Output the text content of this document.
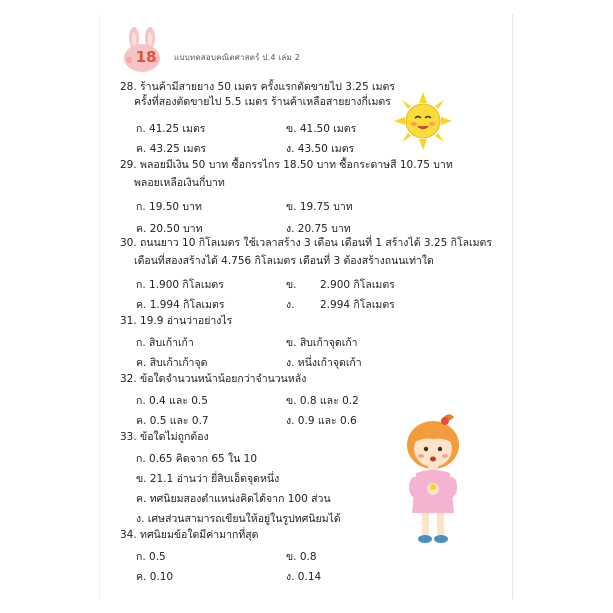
18	แบบทดสอบคณิตศาสตร์ ป.4 เล่ม 2
28. ร้านค้ามีสายยาง 50 เมตร ครั้งแรกตัดขายไป 3.25 เมตร
ครั้งที่สองตัดขายไป 5.5 เมตร ร้านค้าเหลือสายยางกี่เมตร
ก. 41.25 เมตร	ข. 41.50 เมตร
ค. 43.25 เมตร	ง. 43.50 เมตร
29. พลอยมีเงิน 50 บาท ซื้อกรรไกร 18.50 บาท ซื้อกระดาษสี 10.75 บาท
พลอยเหลือเงินกี่บาท
ก. 19.50 บาท	ข. 19.75 บาท
ค. 20.50 บาท	ง. 20.75 บาท
30. ถนนยาว 10 กิโลเมตร ใช้เวลาสร้าง 3 เดือน เดือนที่ 1 สร้างได้ 3.25 กิโลเมตร
เดือนที่สองสร้างได้ 4.756 กิโลเมตร เดือนที่ 3 ต้องสร้างถนนเท่าใด
ก. 1.900 กิโลเมตร	ข. 2.900 กิโลเมตร
ค. 1.994 กิโลเมตร	ง. 2.994 กิโลเมตร
31. 19.9 อ่านว่าอย่างไร
ก. สิบเก้าเก้า	ข. สิบเก้าจุดเก้า
ค. สิบเก้าเก้าจุด	ง. หนึ่งเก้าจุดเก้า
32. ข้อใดจำนวนหน้าน้อยกว่าจำนวนหลัง
ก. 0.4 และ 0.5	ข. 0.8 และ 0.2
ค. 0.5 และ 0.7	ง. 0.9 และ 0.6
33. ข้อใดไม่ถูกต้อง
ก. 0.65 คิดจาก 65 ใน 10
ข. 21.1 อ่านว่า ยี่สิบเอ็ดจุดหนึ่ง
ค. ทศนิยมสองตำแหน่งคิดได้จาก 100 ส่วน
ง. เศษส่วนสามารถเขียนให้อยู่ในรูปทศนิยมได้
34. ทศนิยมข้อใดมีค่ามากที่สุด
ก. 0.5	ข. 0.8
ค. 0.10	ง. 0.14
